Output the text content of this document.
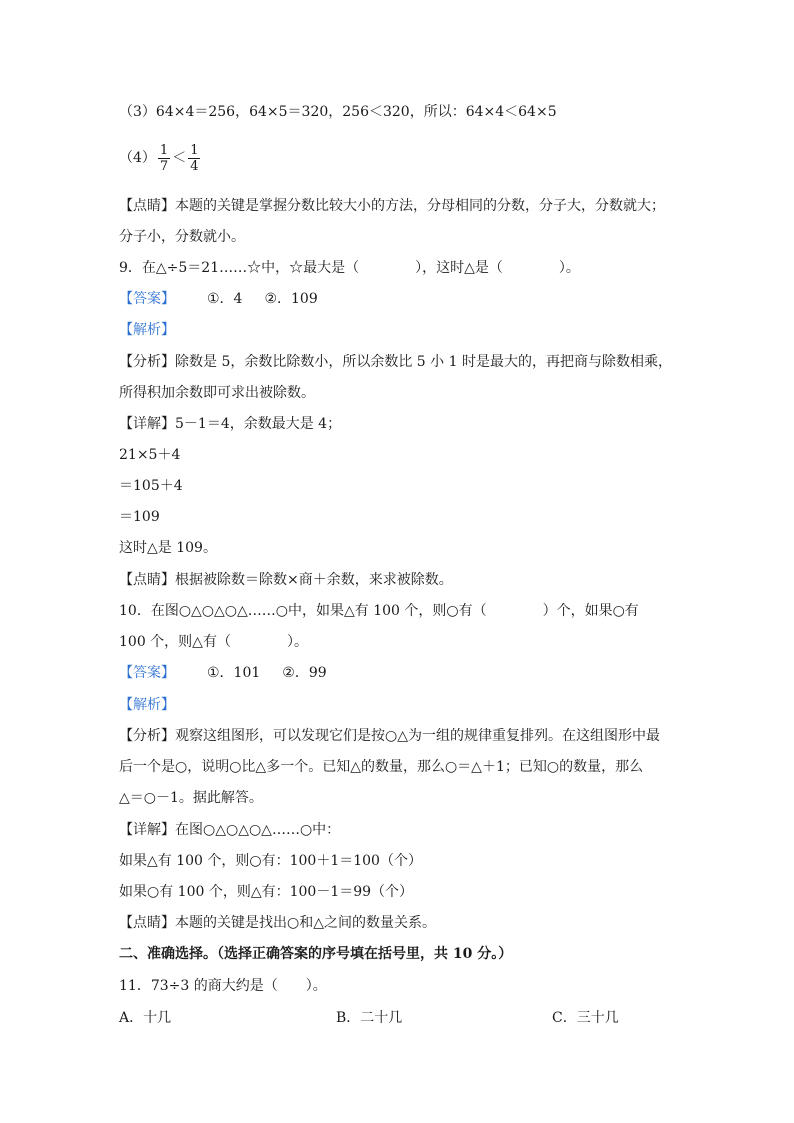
（3）64×4＝256，64×5＝320，256＜320，所以：64×4＜64×5
$(4) \frac{1}{7} < \frac{1}{4}$
【点睛】本题的关键是掌握分数比较大小的方法，分母相同的分数，分子大，分数就大；
分子小，分数就小。
9．在△÷5＝21……☆中，☆最大是（　　　　），这时△是（　　　　）。
【答案】 ①．4 ②．109
【解析】
【分析】除数是 5，余数比除数小，所以余数比 5 小 1 时是最大的，再把商与除数相乘，
所得积加余数即可求出被除数。
【详解】5－1＝4，余数最大是 4；
21×5＋4
＝105＋4
＝109
这时△是 109。
【点睛】根据被除数＝除数×商＋余数，来求被除数。
10．在图○△○△○△……○中，如果△有 100 个，则○有（　　　　）个，如果○有
100 个，则△有（　　　　）。
【答案】 ①．101 ②．99
【解析】
【分析】观察这组图形，可以发现它们是按○△为一组的规律重复排列。在这组图形中最
后一个是○，说明○比△多一个。已知△的数量，那么○＝△＋1；已知○的数量，那么
△＝○－1。据此解答。
【详解】在图○△○△○△……○中：
如果△有 100 个，则○有：100＋1＝100（个）
如果○有 100 个，则△有：100－1＝99（个）
【点睛】本题的关键是找出○和△之间的数量关系。
二、准确选择。（选择正确答案的序号填在括号里，共 10 分。）
11．73÷3 的商大约是（　　）。
A．十几	B．二十几	C．三十几
